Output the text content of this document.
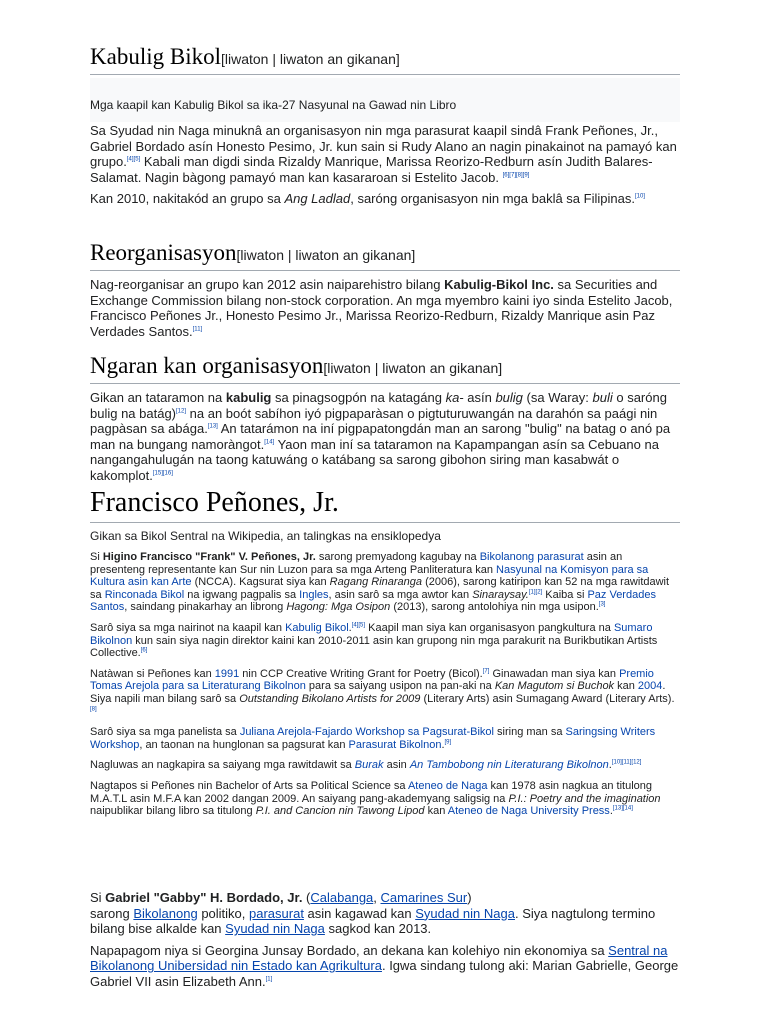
Kabulig Bikol[liwaton | liwaton an gikanan]
Mga kaapil kan Kabulig Bikol sa ika-27 Nasyunal na Gawad nin Libro

Sa Syudad nin Naga minuknâ an organisasyon nin mga parasurat kaapil sindâ Frank Peñones, Jr., Gabriel Bordado asín Honesto Pesimo, Jr. kun sain si Rudy Alano an nagin pinakainot na pamayó kan grupo.[4][5] Kabali man digdi sinda Rizaldy Manrique, Marissa Reorizo-Redburn asín Judith Balares-Salamat. Nagin bàgong pamayó man kan kasararoan si Estelito Jacob. [6][7][8][9]

Kan 2010, nakitakód an grupo sa Ang Ladlad, saróng organisasyon nin mga baklâ sa Filipinas.[10]

Reorganisasyon[liwaton | liwaton an gikanan]

Nag-reorganisar an grupo kan 2012 asin naiparehistro bilang Kabulig-Bikol Inc. sa Securities and Exchange Commission bilang non-stock corporation. An mga myembro kaini iyo sinda Estelito Jacob, Francisco Peñones Jr., Honesto Pesimo Jr., Marissa Reorizo-Redburn, Rizaldy Manrique asin Paz Verdades Santos.[11]

Ngaran kan organisasyon[liwaton | liwaton an gikanan]

Gikan an tataramon na kabulig sa pinagsogpón na katagáng ka- asín bulig (sa Waray: buli o saróng bulig na batág)[12] na an boót sabíhon iyó pigpaparàsan o pigtuturuwangán na darahón sa paági nin pagpàsan sa abága.[13] An tatarámon na iní pigpapatongdán man an sarong "bulig" na batag o anó pa man na bungang namoràngot.[14] Yaon man iní sa tataramon na Kapampangan asín sa Cebuano na nangangahulugán na taong katuwáng o katábang sa sarong gibohon siring man kasabwát o kakomplot.[15][16]

Francisco Peñones, Jr.
Gikan sa Bikol Sentral na Wikipedia, an talingkas na ensiklopedya

Si Higino Francisco "Frank" V. Peñones, Jr. sarong premyadong kagubay na Bikolanong parasurat asin an presenteng representante kan Sur nin Luzon para sa mga Arteng Panliteratura kan Nasyunal na Komisyon para sa Kultura asin kan Arte (NCCA). Kagsurat siya kan Ragang Rinaranga (2006), sarong katiripon kan 52 na mga rawitdawit sa Rinconada Bikol na igwang pagpalis sa Ingles, asin sarô sa mga awtor kan Sinaraysay.[1][2] Kaiba si Paz Verdades Santos, saindang pinakarhay an librong Hagong: Mga Osipon (2013), sarong antolohiya nin mga usipon.[3]

Sarô siya sa mga nairinot na kaapil kan Kabulig Bikol.[4][5] Kaapil man siya kan organisasyon pangkultura na Sumaro Bikolnon kun sain siya nagin direktor kaini kan 2010-2011 asin kan grupong nin mga parakurit na Burikbutikan Artists Collective.[6]

Natàwan si Peñones kan 1991 nin CCP Creative Writing Grant for Poetry (Bicol).[7] Ginawadan man siya kan Premio Tomas Arejola para sa Literaturang Bikolnon para sa saiyang usipon na pan-aki na Kan Magutom si Buchok kan 2004. Siya napili man bilang sarô sa Outstanding Bikolano Artists for 2009 (Literary Arts) asin Sumagang Award (Literary Arts).[8]

Sarô siya sa mga panelista sa Juliana Arejola-Fajardo Workshop sa Pagsurat-Bikol siring man sa Saringsing Writers Workshop, an taonan na hunglonan sa pagsurat kan Parasurat Bikolnon.[9]

Nagluwas an nagkapira sa saiyang mga rawitdawit sa Burak asin An Tambobong nin Literaturang Bikolnon.[10][11][12]

Nagtapos si Peñones nin Bachelor of Arts sa Political Science sa Ateneo de Naga kan 1978 asin nagkua an titulong M.A.T.L asin M.F.A kan 2002 dangan 2009. An saiyang pang-akademyang saligsig na P.I.: Poetry and the imagination naipublikar bilang libro sa titulong P.I. and Cancion nin Tawong Lipod kan Ateneo de Naga University Press.[13][14]

Si Gabriel "Gabby" H. Bordado, Jr. (Calabanga, Camarines Sur)
sarong Bikolanong politiko, parasurat asin kagawad kan Syudad nin Naga. Siya nagtulong termino bilang bise alkalde kan Syudad nin Naga sagkod kan 2013.

Napapagom niya si Georgina Junsay Bordado, an dekana kan kolehiyo nin ekonomiya sa Sentral na Bikolanong Unibersidad nin Estado kan Agrikultura. Igwa sindang tulong aki: Marian Gabrielle, George Gabriel VII asin Elizabeth Ann.[1]
